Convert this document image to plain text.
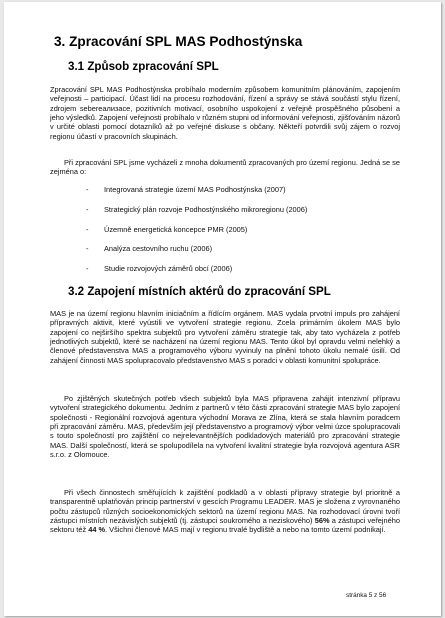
3. Zpracování SPL MAS Podhostýnska
3.1 Způsob zpracování SPL

Zpracování SPL MAS Podhostýnska probíhalo moderním způsobem komunitním plánováním, zapojením veřejnosti – participací. Účast lidí na procesu rozhodování, řízení a správy se stává součástí stylu řízení, zdrojem sebereализace, pozitivních motivací, osobního uspokojení z veřejně prospěšného působení a jeho výsledků. Zapojení veřejnosti probíhalo v různém stupni od informování veřejnosti, zjišťováním názorů v určité oblasti pomocí dotazníků až po veřejné diskuse s občany. Někteří potvrdili svůj zájem o rozvoj regionu účastí v pracovních skupinách.

Při zpracování SPL jsme vycházeli z mnoha dokumentů zpracovaných pro území regionu. Jedná se se zejména o:

- Integrovaná strategie území MAS Podhostýnska (2007)
- Strategický plán rozvoje Podhostýnského mikroregionu (2006)
- Územně energetická koncepce PMR (2005)
- Analýza cestovního ruchu (2006)
- Studie rozvojových záměrů obcí (2006)
3.2 Zapojení místních aktérů do zpracování SPL

MAS je na území regionu hlavním iniciačním a řídícím orgánem. MAS vydala prvotní impuls pro zahájení přípravných aktivit, které vyústili ve vytvoření strategie regionu. Zcela primárním úkolem MAS bylo zapojení co nejširšího spektra subjektů pro vytvoření záměru strategie tak, aby tato vycházela z potřeb jednotlivých subjektů, které se nacházení na území regionu MAS. Tento úkol byl opravdu velmi nelehký a členové představenstva MAS a programového výboru vyvinuly na plnění tohoto úkolu nemalé úsilí. Od zahájení činnosti MAS spolupracovalo představenstvo MAS s poradci v oblasti komunitní spolupráce.

Po zjištěných skutečných potřeb všech subjektů byla MAS připravena zahájit intenzivní přípravu vytvoření strategického dokumentu. Jedním z partnerů v této části zpracování strategie MAS bylo zapojení společnosti - Regionální rozvojová agentura východní Morava ze Zlína, která se stala hlavním poradcem při zpracování záměru. MAS, především její představenstvo a programový výbor velmi úzce spolupracovali s touto společností pro zajištění co nejrelevantnějších podkladových materiálů pro zpracování strategie MAS. Další společností, která se spolupodílela na vytvoření kvalitní strategie byla rozvojová agentura ASR s.r.o. z Olomouce.

Při všech činnostech směřujících k zajištění podkladů a v oblasti přípravy strategie byl prioritně a transparentně uplatňován princip partnerství v gescích Programu LEADER. MAS je složena z vyrovnaného počtu zástupců různých socioekonomických sektorů na území regionu MAS. Na rozhodovací úrovni tvoří zástupci místních nezávislých subjektů (tj. zástupci soukromého a neziskového) 56% a zástupci veřejného sektoru též 44 %. Všichni členové MAS mají v regionu trvalé bydliště a nebo na tomto území podnikají.

stránka 5 z 56
